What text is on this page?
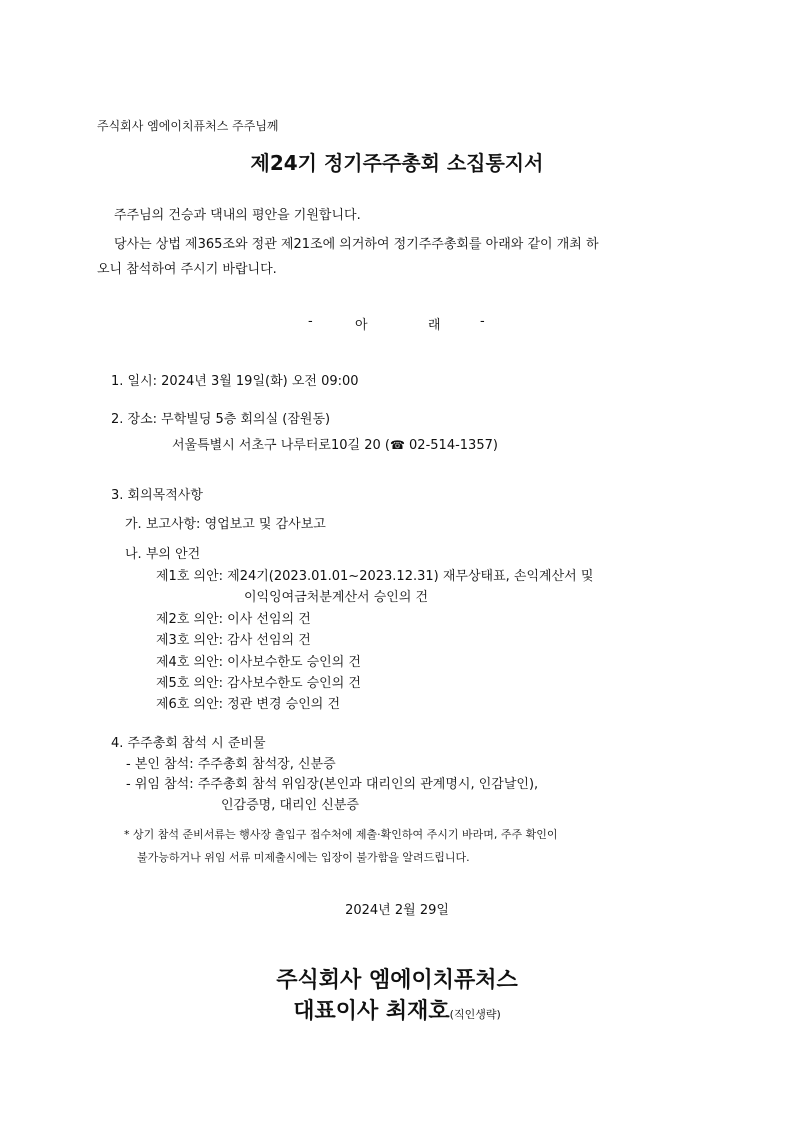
주식회사 엠에이치퓨처스 주주님께
제24기 정기주주총회 소집통지서
주주님의 건승과 댁내의 평안을 기원합니다.
당사는 상법 제365조와 정관 제21조에 의거하여 정기주주총회를 아래와 같이 개최 하
오니 참석하여 주시기 바랍니다.
-	아	래	-
1. 일시: 2024년 3월 19일(화) 오전 09:00
2. 장소: 무학빌딩 5층 회의실 (잠원동)
서울특별시 서초구 나루터로10길 20 (☎ 02-514-1357)
3. 회의목적사항
가. 보고사항: 영업보고 및 감사보고
나. 부의 안건
제1호 의안: 제24기(2023.01.01~2023.12.31) 재무상태표, 손익계산서 및
이익잉여금처분계산서 승인의 건
제2호 의안: 이사 선임의 건
제3호 의안: 감사 선임의 건
제4호 의안: 이사보수한도 승인의 건
제5호 의안: 감사보수한도 승인의 건
제6호 의안: 정관 변경 승인의 건
4. 주주총회 참석 시 준비물
- 본인 참석: 주주총회 참석장, 신분증
- 위임 참석: 주주총회 참석 위임장(본인과 대리인의 관계명시, 인감날인),
인감증명, 대리인 신분증
* 상기 참석 준비서류는 행사장 출입구 접수처에 제출·확인하여 주시기 바라며, 주주 확인이
불가능하거나 위임 서류 미제출시에는 입장이 불가함을 알려드립니다.
2024년 2월 29일
주식회사 엠에이치퓨처스
대표이사 최재호(직인생략)
